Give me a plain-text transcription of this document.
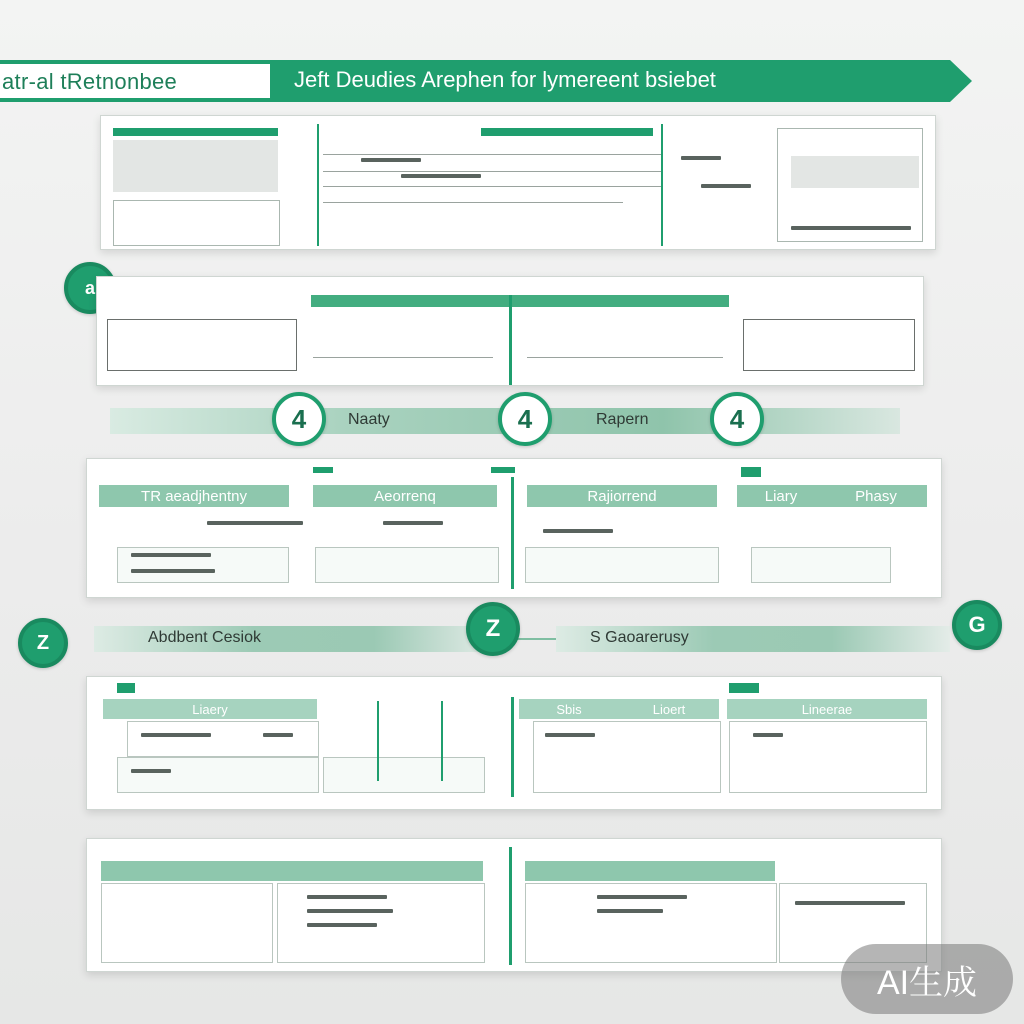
atr-al tRetnonbee	Jeft Deudies Arephen for lymereent bsiebet
a
Naaty	Rapern
4	4	4
TR aeadjhentny	Aeorrenq	Rajiorrend	Liary	Phasy
Abdbent Cesiok	S Gaoarerusy
Z
Z	G
Liaery	Sbis	Lioert	Lineerae
AI生成
